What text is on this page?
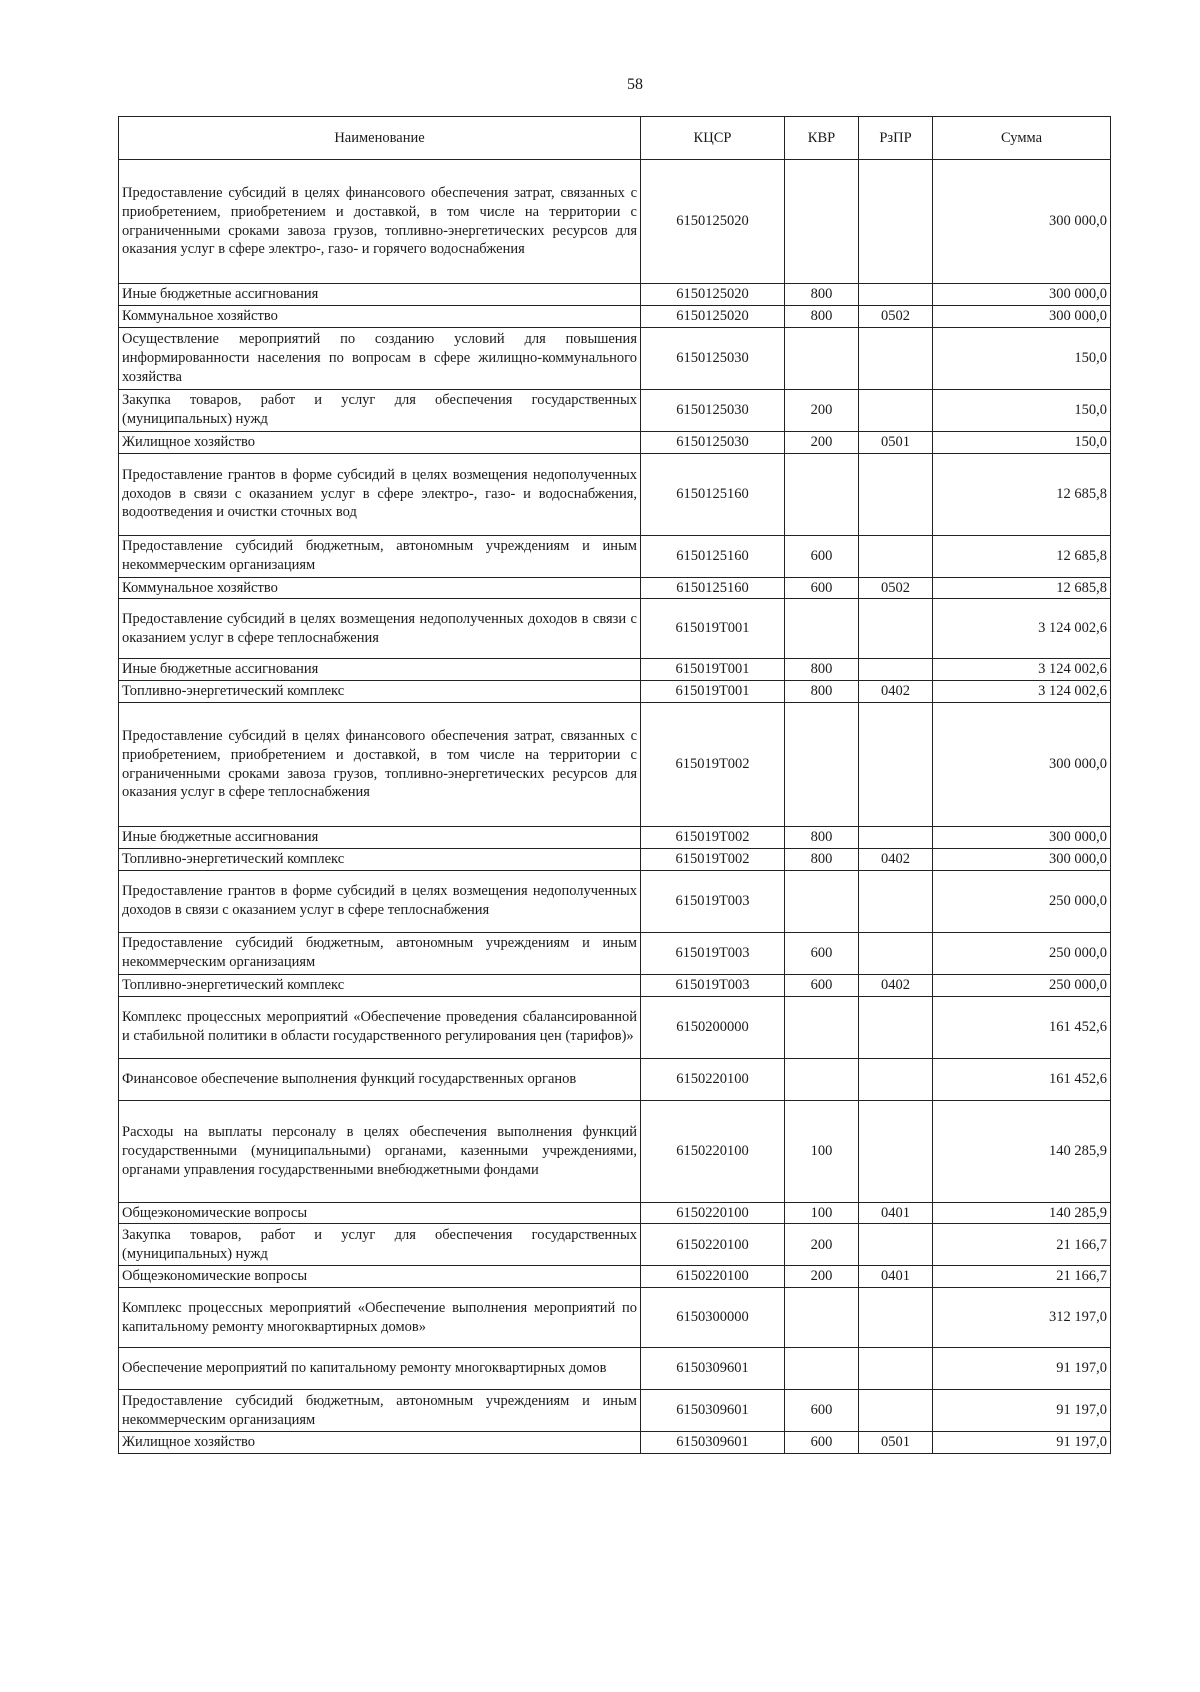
58
Наименование	КЦСР	КВР	РзПР	Сумма
Предоставление субсидий в целях финансового обеспечения затрат, связанных с приобретением, приобретением и доставкой, в том числе на территории с ограниченными сроками завоза грузов, топливно-энергетических ресурсов для оказания услуг в сфере электро-, газо- и горячего водоснабжения	6150125020			300 000,0
Иные бюджетные ассигнования	6150125020	800		300 000,0
Коммунальное хозяйство	6150125020	800	0502	300 000,0
Осуществление мероприятий по созданию условий для повышения информированности населения по вопросам в сфере жилищно-коммунального хозяйства	6150125030			150,0
Закупка товаров, работ и услуг для обеспечения государственных (муниципальных) нужд	6150125030	200		150,0
Жилищное хозяйство	6150125030	200	0501	150,0
Предоставление грантов в форме субсидий в целях возмещения недополученных доходов в связи с оказанием услуг в сфере электро-, газо- и водоснабжения, водоотведения и очистки сточных вод	6150125160			12 685,8
Предоставление субсидий бюджетным, автономным учреждениям и иным некоммерческим организациям	6150125160	600		12 685,8
Коммунальное хозяйство	6150125160	600	0502	12 685,8
Предоставление субсидий в целях возмещения недополученных доходов в связи с оказанием услуг в сфере теплоснабжения	615019Т001			3 124 002,6
Иные бюджетные ассигнования	615019Т001	800		3 124 002,6
Топливно-энергетический комплекс	615019Т001	800	0402	3 124 002,6
Предоставление субсидий в целях финансового обеспечения затрат, связанных с приобретением, приобретением и доставкой, в том числе на территории с ограниченными сроками завоза грузов, топливно-энергетических ресурсов для оказания услуг в сфере теплоснабжения	615019Т002			300 000,0
Иные бюджетные ассигнования	615019Т002	800		300 000,0
Топливно-энергетический комплекс	615019Т002	800	0402	300 000,0
Предоставление грантов в форме субсидий в целях возмещения недополученных доходов в связи с оказанием услуг в сфере теплоснабжения	615019Т003			250 000,0
Предоставление субсидий бюджетным, автономным учреждениям и иным некоммерческим организациям	615019Т003	600		250 000,0
Топливно-энергетический комплекс	615019Т003	600	0402	250 000,0
Комплекс процессных мероприятий «Обеспечение проведения сбалансированной и стабильной политики в области государственного регулирования цен (тарифов)»	6150200000			161 452,6
Финансовое обеспечение выполнения функций государственных органов	6150220100			161 452,6
Расходы на выплаты персоналу в целях обеспечения выполнения функций государственными (муниципальными) органами, казенными учреждениями, органами управления государственными внебюджетными фондами	6150220100	100		140 285,9
Общеэкономические вопросы	6150220100	100	0401	140 285,9
Закупка товаров, работ и услуг для обеспечения государственных (муниципальных) нужд	6150220100	200		21 166,7
Общеэкономические вопросы	6150220100	200	0401	21 166,7
Комплекс процессных мероприятий «Обеспечение выполнения мероприятий по капитальному ремонту многоквартирных домов»	6150300000			312 197,0
Обеспечение мероприятий по капитальному ремонту многоквартирных домов	6150309601			91 197,0
Предоставление субсидий бюджетным, автономным учреждениям и иным некоммерческим организациям	6150309601	600		91 197,0
Жилищное хозяйство	6150309601	600	0501	91 197,0
